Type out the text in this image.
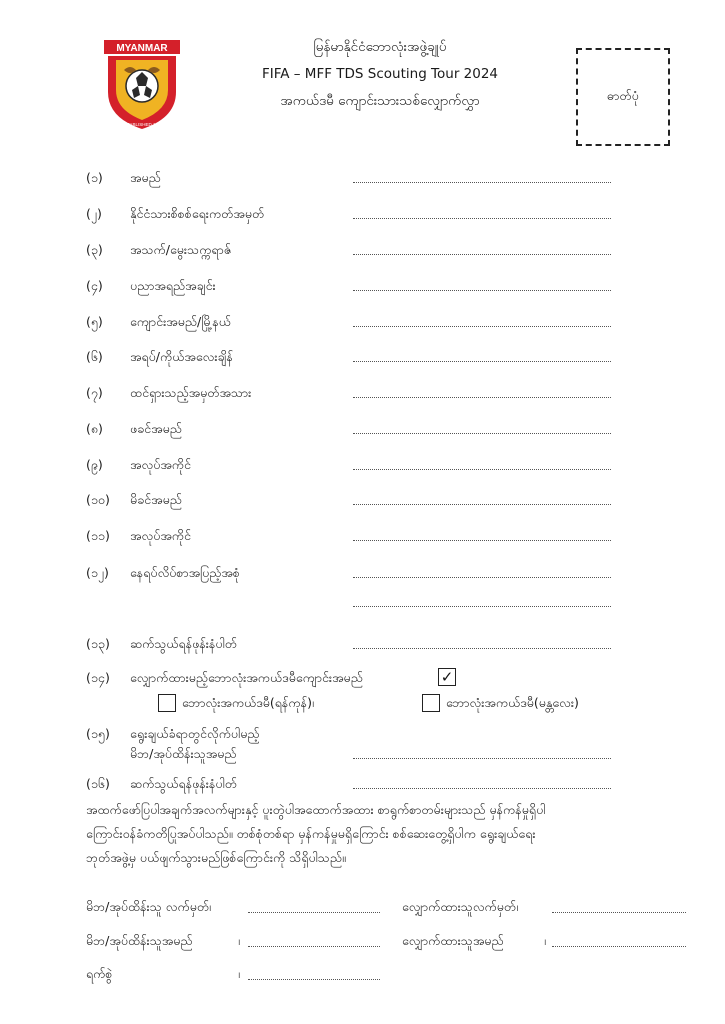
MYANMAR
ESTABLISHED 1947
မြန်မာနိုင်ငံဘောလုံးအဖွဲ့ချုပ်
FIFA – MFF TDS Scouting Tour 2024
အကယ်ဒမီ ကျောင်းသားသစ်လျှောက်လွှာ	ဓာတ်ပုံ
(၁) အမည်
(၂) နိုင်ငံသားစိစစ်ရေးကတ်အမှတ်
(၃) အသက်/မွေးသက္ကရာဇ်
(၄) ပညာအရည်အချင်း
(၅) ကျောင်းအမည်/မြို့နယ်
(၆) အရပ်/ကိုယ်အလေးချိန်
(၇) ထင်ရှားသည့်အမှတ်အသား
(၈) ဖခင်အမည်
(၉) အလုပ်အကိုင်
(၁၀) မိခင်အမည်
(၁၁) အလုပ်အကိုင်
(၁၂) နေရပ်လိပ်စာအပြည့်အစုံ
(၁၃) ဆက်သွယ်ရန်ဖုန်းနံပါတ်
(၁၄) လျှောက်ထားမည့်ဘောလုံးအကယ်ဒမီကျောင်းအမည်	✓
ဘောလုံးအကယ်ဒမီ(ရန်ကုန်)၊	ဘောလုံးအကယ်ဒမီ(မန္တလေး)
(၁၅) ရွေးချယ်ခံရာတွင်လိုက်ပါမည့်
မိဘ/အုပ်ထိန်းသူအမည်
(၁၆) ဆက်သွယ်ရန်ဖုန်းနံပါတ်
အထက်ဖော်ပြပါအချက်အလက်များနှင့် ပူးတွဲပါအထောက်အထား စာရွက်စာတမ်းများသည် မှန်ကန်မှုရှိပါ
ကြောင်းဝန်ခံကတိပြုအပ်ပါသည်။ တစ်စုံတစ်ရာ မှန်ကန်မှုမရှိကြောင်း စစ်ဆေးတွေ့ရှိပါက ရွေးချယ်ရေး
ဘုတ်အဖွဲ့မှ ပယ်ဖျက်သွားမည်ဖြစ်ကြောင်းကို သိရှိပါသည်။
မိဘ/အုပ်ထိန်းသူ လက်မှတ်၊	လျှောက်ထားသူလက်မှတ်၊
မိဘ/အုပ်ထိန်းသူအမည်	၊	လျှောက်ထားသူအမည်	၊
ရက်စွဲ	၊
